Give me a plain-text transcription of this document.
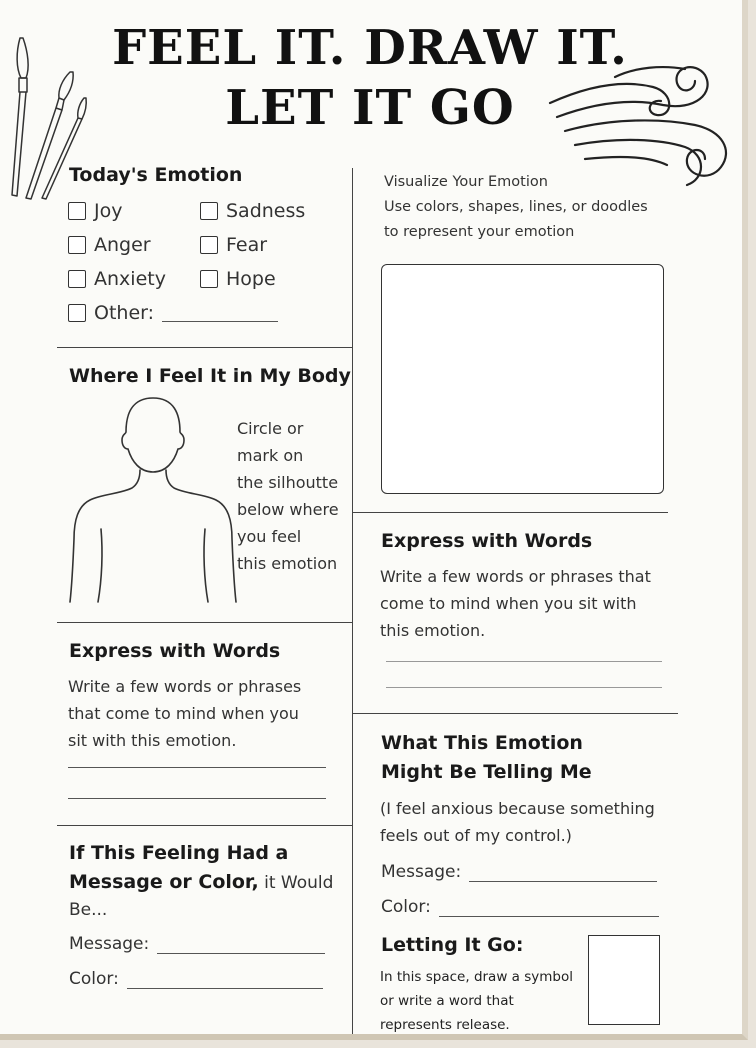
FEEL IT. DRAW IT.
LET IT GO
Today's Emotion
Joy	Sadness
Anger	Fear
Anxiety	Hope
Other:
Where I Feel It in My Body
Circle or
mark on
the silhoutte
below where
you feel
this emotion
Express with Words
Write a few words or phrases
that come to mind when you
sit with this emotion.
If This Feeling Had a
Message or Color, it Would
Be...
Message:
Color:
Visualize Your Emotion
Use colors, shapes, lines, or doodles
to represent your emotion
Express with Words
Write a few words or phrases that
come to mind when you sit with
this emotion.
What This Emotion
Might Be Telling Me
(I feel anxious because something
feels out of my control.)
Message:
Color:
Letting It Go:
In this space, draw a symbol
or write a word that
represents release.
